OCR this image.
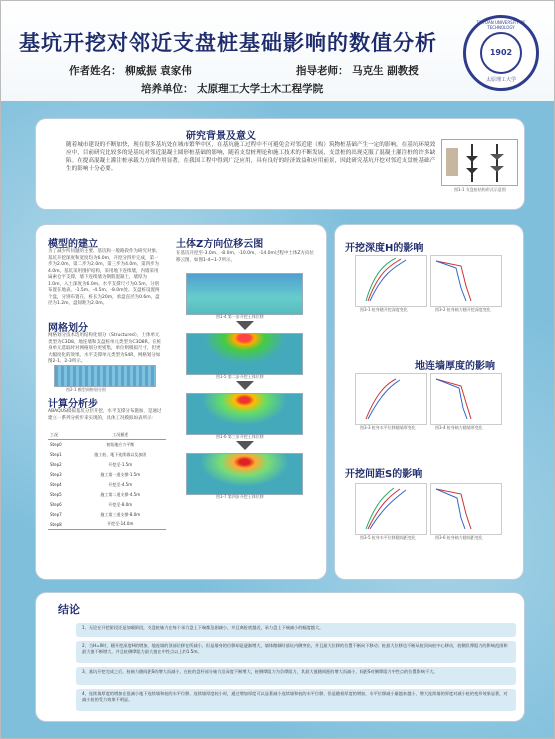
基坑开挖对邻近支盘桩基础影响的数值分析
作者姓名： 柳威振 袁家伟	指导老师： 马克生 副教授
培养单位： 太原理工大学土木工程学院
TAIYUAN UNIVERSITY OF TECHNOLOGY
1902
太原理工大学
研究背景及意义
随着城市建设的不断加快，现在很多基坑处在城市繁华中区，在基坑施工过程中不可避免会对邻近建（构）筑物桩基础产生一定的影响。在基坑环境效应中，目前研究比较多的是基坑对邻近混凝土圆形桩基础的影响，随着支盘桩理论和施工技术的不断发展，支盘桩的出现克服了混凝土灌注桩的许多缺陷。在提高混凝土灌注桩承载力方面作用显著，在我国工程中得到广泛应用，具有良好的经济效益和应用前景，因此研究基坑开挖对邻近支盘桩基础产生的影响十分必要。
图1-1 支盘桩结构形式示意图
模型的建立
为了减少所问题的主要、基坑和一般路段作为研究对象，基坑开挖深度和宽度均为6.0m，开挖分四步完成，第一步为2.0m，第二步为2.0m，第三步为4.0m，第四步为4.0m。基坑采用围护结构，采用地下连续墙，内墙采用扁索仓平支撑，墙下连续墙为钢筋混凝土，墙厚为1.0m，入土深度为6.0m。水平支撑尺寸为0.5m，分别布置在地表、-1.5m、-4.5m、-8.0m处。支盘桩设置两个盘，分别布置在，桩长为20m，承盘直径为0.6m，盘径为1.2m，盘间距为2.0m。
网格划分
网格划分技术选用结构化划分（Structured），土体单元类型为C3D8，地连墙和支盘桩单元类型为C3D8R。在桩身单元选取时对网格划分更密集，单位则模拟尺寸，但更大幅度化的效果。水平支撑单元类型为S4R，网格划分如图2-1、2-3所示。
图2-1 模型网格划分图
计算分析步
ABAQUS模拟基坑分层开挖，水平支撑分布施加，是通过建立一系列分析步来实现的，具体工况模拟如表所示：
工况	工况描述
Step0	初始地应力平衡
Step1	施工桩、地下连续墙以及加固
Step2	开挖至-1.5m
Step3	施工第一道支撑-1.5m
Step4	开挖至-4.5m
Step5	施工第二道支撑-4.5m
Step6	开挖至-8.0m
Step7	施工第三道支撑-8.0m
Step8	开挖至-14.0m
土体Z方向位移云图
在基坑开挖至-3.0m、-8.0m、-10.0m、-14.0m过程中土体Z方向位移云图，如图1-4~1-7所示。
图1-4 第一步开挖土体位移
图1-5 第二步开挖土体位移
图1-6 第三步开挖土体位移
图1-7 第四步开挖土体位移
开挖深度H的影响
图3-1 桩身随开挖深度变化	图3-2 桩身轴力随开挖深度变化
地连墙厚度的影响
图3-3 桩身水平位移随墙厚变化	图3-4 桩身轴力随墙厚变化
开挖间距S的影响
图3-5 桩身水平位移随间距变化	图3-6 桩身轴力随间距变化
结论
1、无论在开挖阶段还是加载阶段，支盘桩轴力在每个承力盘上下端都急剧减小，并且离桩底越近，承力盘上下端减小的幅度越大。
2、当H=0时，随开挖深度H的增加，地连墙的顶部位移在所减小，但是墙身的位移却是逐渐增大，墙体微倾时基坑内侧突出，并且最大位移的位置不断向下移动；桩最大位移也不断从桩顶向桩中心移动，桩侧负摩阻力的影响范围和最大值不断增大，并且桩侧摩阻力最大值在中性点以上约1.5m。
3、基坑开挖完成之后，桩轴力随间距S的增大而减小，在桩的盘杆部分轴力沿深度不断增大，桩侧摩阻力为负摩阻力，其最大值随间距的增大而减小，间距S对侧摩阻力中性点的位置影响不大。
4、连续墙厚度的增加在很减小地下连续墙和桩的水平位移，连续墙厚度较小时，通过增加厚度可以显著减小连续墙和桩的水平位移，但是随着厚度的增加，水平位移减小量越来越小，增大连续墙的厚度对减小桩的变形效果显著，对减小桩的受力效果不明显。
